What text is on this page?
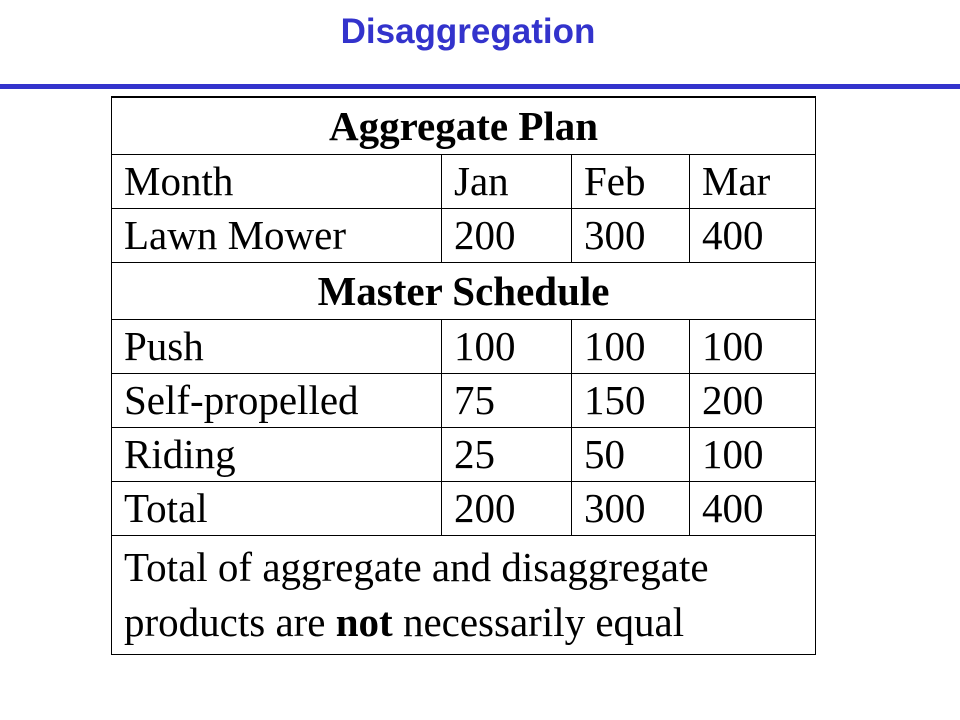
Disaggregation
Aggregate Plan			
Month	Jan	Feb	Mar
Lawn Mower	200	300	400
Master Schedule			
Push	100	100	100
Self-propelled	75	150	200
Riding	25	50	100
Total	200	300	400
Total of aggregate and disaggregate products are not necessarily equal			
